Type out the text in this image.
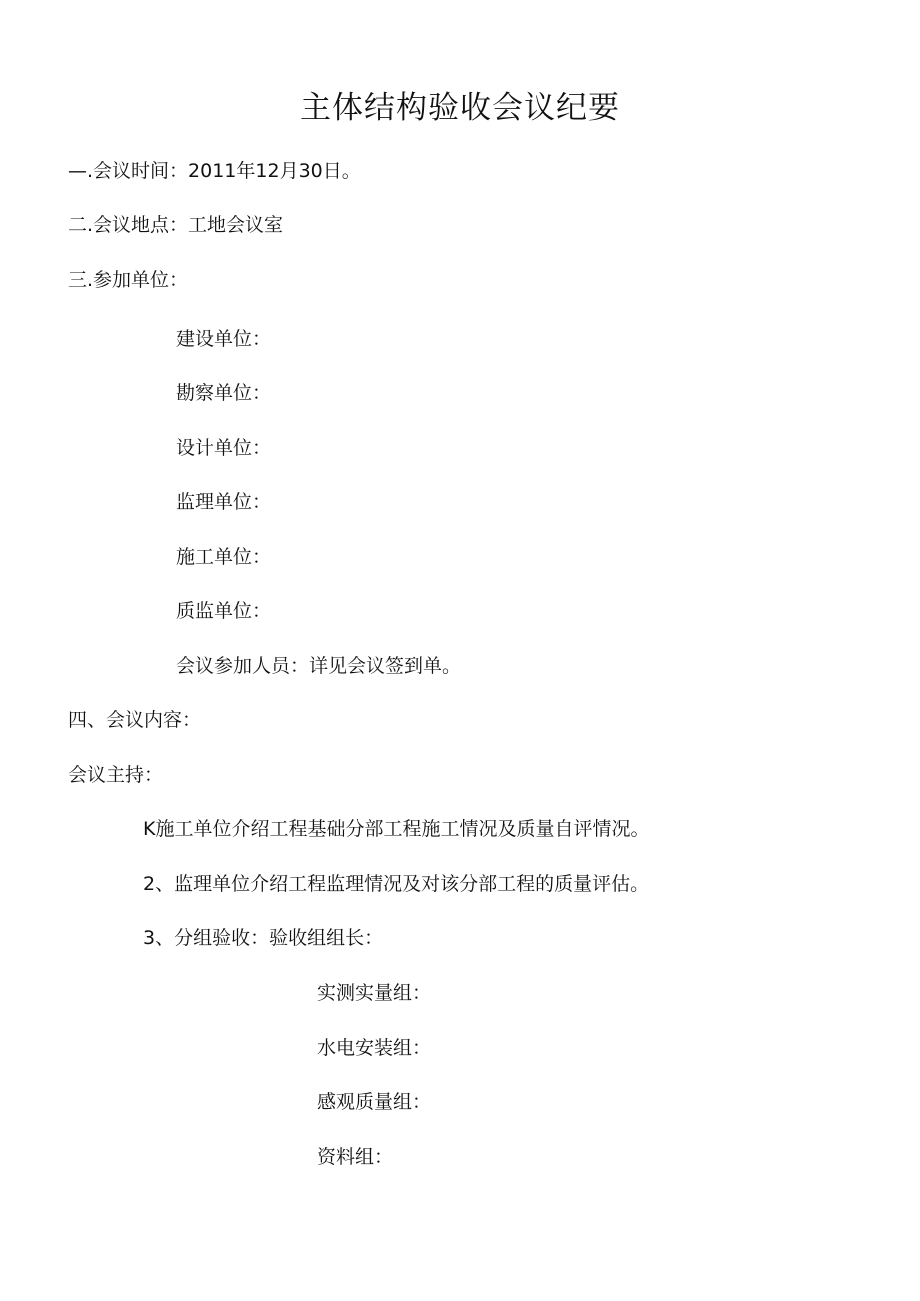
主体结构验收会议纪要
—.会议时间：2011年12月30日。
二.会议地点：工地会议室
三.参加单位：
建设单位：
勘察单位：
设计单位：
监理单位：
施工单位：
质监单位：
会议参加人员：详见会议签到单。
四、会议内容：
会议主持：
K施工单位介绍工程基础分部工程施工情况及质量自评情况。
2、监理单位介绍工程监理情况及对该分部工程的质量评估。
3、分组验收：验收组组长：
实测实量组：
水电安装组：
感观质量组：
资料组：
